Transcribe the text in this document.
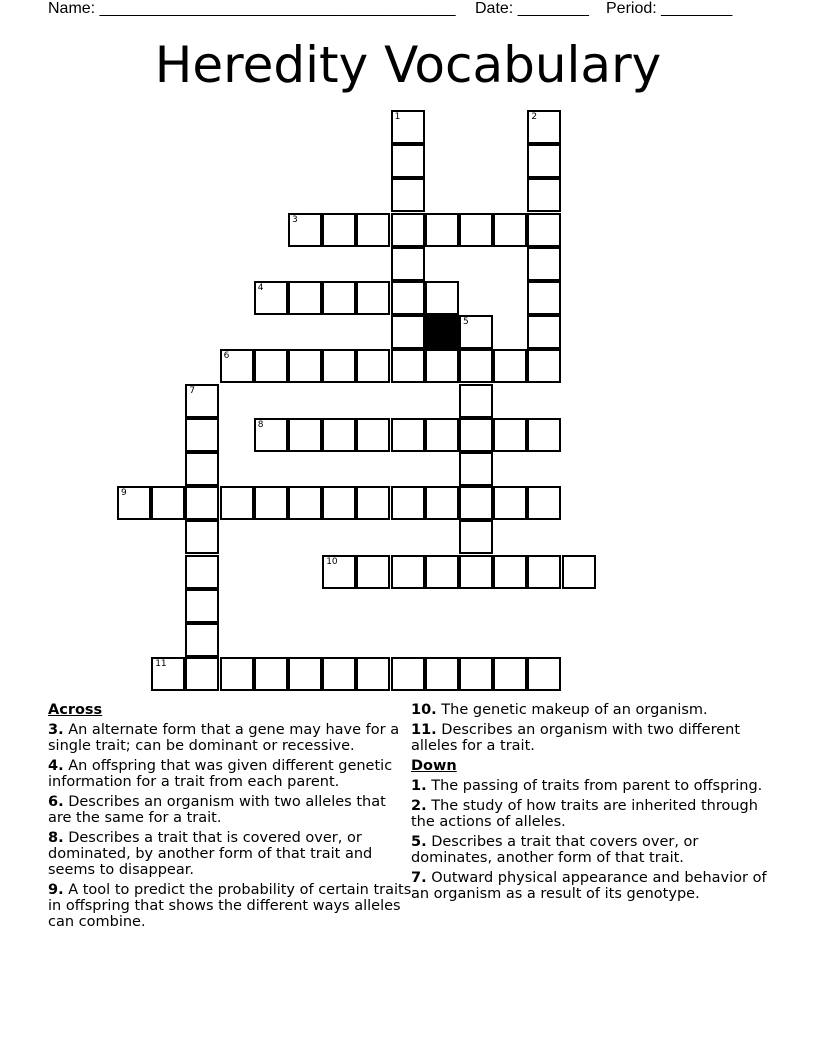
Name: ________________________________________ Date: ________ Period: ________
Heredity Vocabulary
1	2
3
4
5
6
7
8
9
10
11
Across
3. An alternate form that a gene may have for a single trait; can be dominant or recessive.
4. An offspring that was given different genetic information for a trait from each parent.
6. Describes an organism with two alleles that are the same for a trait.
8. Describes a trait that is covered over, or dominated, by another form of that trait and seems to disappear.
9. A tool to predict the probability of certain traits in offspring that shows the different ways alleles can combine.
10. The genetic makeup of an organism.
11. Describes an organism with two different alleles for a trait.
Down
1. The passing of traits from parent to offspring.
2. The study of how traits are inherited through the actions of alleles.
5. Describes a trait that covers over, or dominates, another form of that trait.
7. Outward physical appearance and behavior of an organism as a result of its genotype.
